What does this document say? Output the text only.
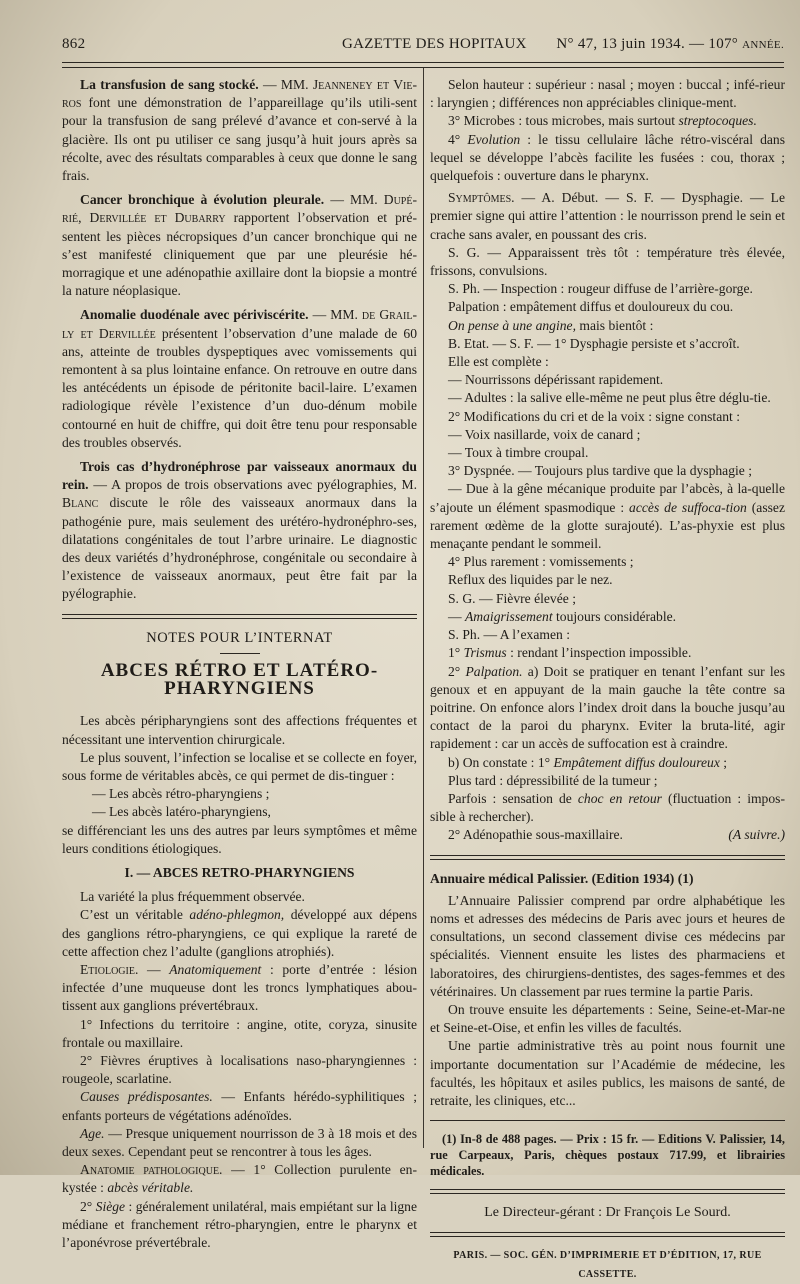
862	GAZETTE DES HOPITAUX N° 47, 13 juin 1934. — 107° ANNÉE.

La transfusion de sang stocké. — MM. Jeanneney et Vie-ros font une démonstration de l’appareillage qu’ils utili-sent pour la transfusion de sang prélevé d’avance et con-servé à la glacière. Ils ont pu utiliser ce sang jusqu’à huit jours après sa récolte, avec des résultats comparables à ceux que donne le sang frais.

Cancer bronchique à évolution pleurale. — MM. Dupé-rié, Dervillée et Dubarry rapportent l’observation et pré-sentent les pièces nécropsiques d’un cancer bronchique qui ne s’est manifesté cliniquement que par une pleurésie hé-morragique et une adénopathie axillaire dont la biopsie a montré la nature néoplasique.

Anomalie duodénale avec périviscérite. — MM. de Grail-ly et Dervillée présentent l’observation d’une malade de 60 ans, atteinte de troubles dyspeptiques avec vomissements qui remontent à sa plus lointaine enfance. On retrouve en outre dans les antécédents un épisode de péritonite bacil-laire. L’examen radiologique révèle l’existence d’un duo-dénum mobile contourné en huit de chiffre, qui doit être tenu pour responsable des troubles observés.

Trois cas d’hydronéphrose par vaisseaux anormaux du rein. — A propos de trois observations avec pyélographies, M. Blanc discute le rôle des vaisseaux anormaux dans la pathogénie pure, mais seulement des urétéro-hydronéphro-ses, dilatations congénitales de tout l’arbre urinaire. Le diagnostic des deux variétés d’hydronéphrose, congénitale ou secondaire à l’existence de vaisseaux anormaux, peut être fait par la pyélographie.

NOTES POUR L’INTERNAT
ABCES RÉTRO ET LATÉRO-PHARYNGIENS

Les abcès péripharyngiens sont des affections fréquentes et nécessitant une intervention chirurgicale.

Le plus souvent, l’infection se localise et se collecte en foyer, sous forme de véritables abcès, ce qui permet de dis-tinguer :

— Les abcès rétro-pharyngiens ;

— Les abcès latéro-pharyngiens,

se différenciant les uns des autres par leurs symptômes et même leurs conditions étiologiques.

I. — ABCES RETRO-PHARYNGIENS

La variété la plus fréquemment observée.

C’est un véritable adéno-phlegmon, développé aux dépens des ganglions rétro-pharyngiens, ce qui explique la rareté de cette affection chez l’adulte (ganglions atrophiés).

Etiologie. — Anatomiquement : porte d’entrée : lésion infectée d’une muqueuse dont les troncs lymphatiques abou-tissent aux ganglions prévertébraux.

1° Infections du territoire : angine, otite, coryza, sinusite frontale ou maxillaire.

2° Fièvres éruptives à localisations naso-pharyngiennes : rougeole, scarlatine.

Causes prédisposantes. — Enfants hérédo-syphilitiques ; enfants porteurs de végétations adénoïdes.

Age. — Presque uniquement nourrisson de 3 à 18 mois et des deux sexes. Cependant peut se rencontrer à tous les âges.

Anatomie pathologique. — 1° Collection purulente en-kystée : abcès véritable.

2° Siège : généralement unilatéral, mais empiétant sur la ligne médiane et franchement rétro-pharyngien, entre le pharynx et l’aponévrose prévertébrale.

Selon hauteur : supérieur : nasal ; moyen : buccal ; infé-rieur : laryngien ; différences non appréciables clinique-ment.

3° Microbes : tous microbes, mais surtout streptocoques.

4° Evolution : le tissu cellulaire lâche rétro-viscéral dans lequel se développe l’abcès facilite les fusées : cou, thorax ; quelquefois : ouverture dans le pharynx.

Symptômes. — A. Début. — S. F. — Dysphagie. — Le premier signe qui attire l’attention : le nourrisson prend le sein et crache sans avaler, en poussant des cris.

S. G. — Apparaissent très tôt : température très élevée, frissons, convulsions.

S. Ph. — Inspection : rougeur diffuse de l’arrière-gorge.

Palpation : empâtement diffus et douloureux du cou.

On pense à une angine, mais bientôt :

B. Etat. — S. F. — 1° Dysphagie persiste et s’accroît.

Elle est complète :

— Nourrissons dépérissant rapidement.

— Adultes : la salive elle-même ne peut plus être déglu-tie.

2° Modifications du cri et de la voix : signe constant :

— Voix nasillarde, voix de canard ;

— Toux à timbre croupal.

3° Dyspnée. — Toujours plus tardive que la dysphagie ;

— Due à la gêne mécanique produite par l’abcès, à la-quelle s’ajoute un élément spasmodique : accès de suffoca-tion (assez rarement œdème de la glotte surajouté). L’as-phyxie est plus menaçante pendant le sommeil.

4° Plus rarement : vomissements ;

Reflux des liquides par le nez.

S. G. — Fièvre élevée ;

— Amaigrissement toujours considérable.

S. Ph. — A l’examen :

1° Trismus : rendant l’inspection impossible.

2° Palpation. a) Doit se pratiquer en tenant l’enfant sur les genoux et en appuyant de la main gauche la tête contre sa poitrine. On enfonce alors l’index droit dans la bouche jusqu’au contact de la paroi du pharynx. Eviter la bruta-lité, agir rapidement : car un accès de suffocation est à craindre.

b) On constate : 1° Empâtement diffus douloureux ;

Plus tard : dépressibilité de la tumeur ;

Parfois : sensation de choc en retour (fluctuation : impos-sible à rechercher).

2° Adénopathie sous-maxillaire.	(A suivre.)

Annuaire médical Palissier. (Edition 1934) (1)

L’Annuaire Palissier comprend par ordre alphabétique les noms et adresses des médecins de Paris avec jours et heures de consultations, un second classement divise ces médecins par spécialités. Viennent ensuite les listes des pharmaciens et laboratoires, des chirurgiens-dentistes, des sages-femmes et des vétérinaires. Un classement par rues termine la partie Paris.

On trouve ensuite les départements : Seine, Seine-et-Mar-ne et Seine-et-Oise, et enfin les villes de facultés.

Une partie administrative très au point nous fournit une importante documentation sur l’Académie de médecine, les facultés, les hôpitaux et asiles publics, les maisons de santé, de retraite, les cliniques, etc...

(1) In-8 de 488 pages. — Prix : 15 fr. — Editions V. Palissier, 14, rue Carpeaux, Paris, chèques postaux 717.99, et librairies médicales.

Le Directeur-gérant : Dr François Le Sourd.

PARIS. — SOC. GÉN. D’IMPRIMERIE ET D’ÉDITION, 17, RUE CASSETTE.
